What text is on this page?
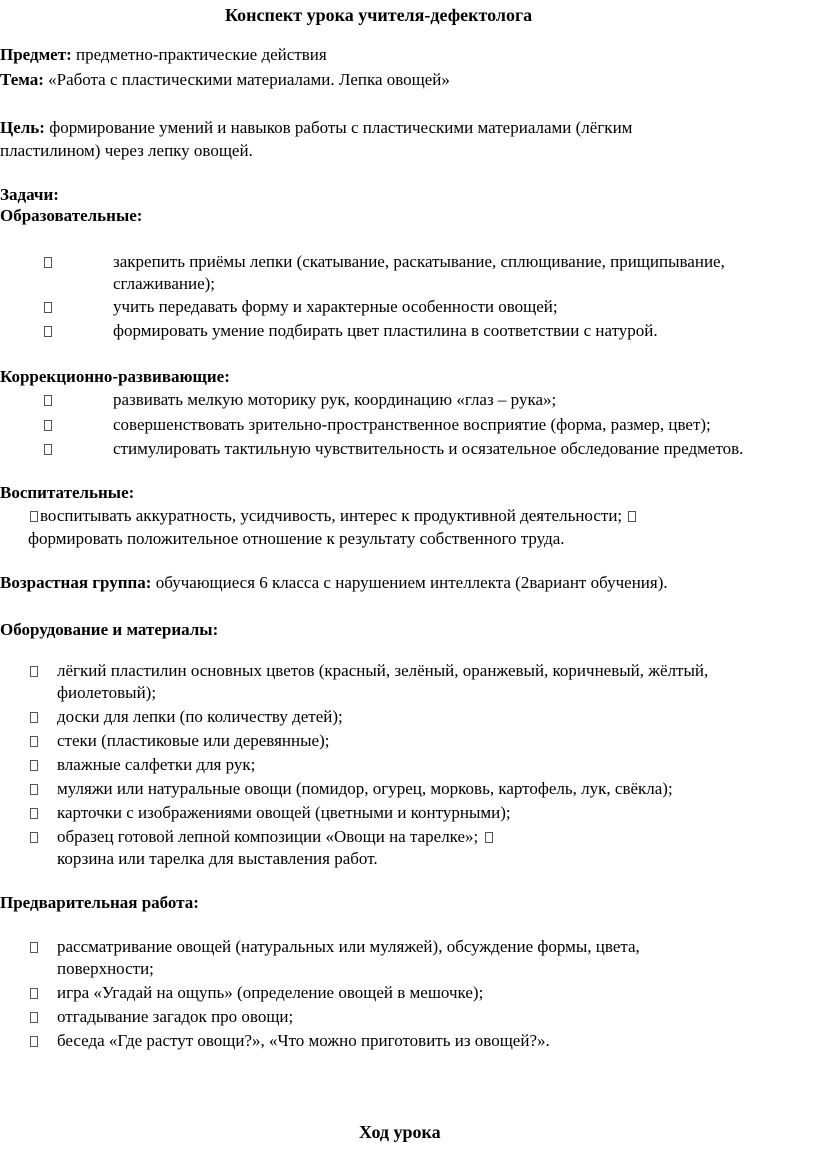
Конспект урока учителя-дефектолога
Предмет: предметно-практические действия
Тема: «Работа с пластическими материалами. Лепка овощей»
Цель: формирование умений и навыков работы с пластическими материалами (лёгким
пластилином) через лепку овощей.
Задачи:
Образовательные:
закрепить приёмы лепки (скатывание, раскатывание, сплющивание, прищипывание,
сглаживание);
учить передавать форму и характерные особенности овощей;
формировать умение подбирать цвет пластилина в соответствии с натурой.
Коррекционно-развивающие:
развивать мелкую моторику рук, координацию «глаз – рука»;
совершенствовать зрительно-пространственное восприятие (форма, размер, цвет);
стимулировать тактильную чувствительность и осязательное обследование предметов.
Воспитательные:
воспитывать аккуратность, усидчивость, интерес к продуктивной деятельности;
формировать положительное отношение к результату собственного труда.
Возрастная группа: обучающиеся 6 класса с нарушением интеллекта (2вариант обучения).
Оборудование и материалы:
лёгкий пластилин основных цветов (красный, зелёный, оранжевый, коричневый, жёлтый,
фиолетовый);
доски для лепки (по количеству детей);
стеки (пластиковые или деревянные);
влажные салфетки для рук;
муляжи или натуральные овощи (помидор, огурец, морковь, картофель, лук, свёкла);
карточки с изображениями овощей (цветными и контурными);
образец готовой лепной композиции «Овощи на тарелке»;
корзина или тарелка для выставления работ.
Предварительная работа:
рассматривание овощей (натуральных или муляжей), обсуждение формы, цвета,
поверхности;
игра «Угадай на ощупь» (определение овощей в мешочке);
отгадывание загадок про овощи;
беседа «Где растут овощи?», «Что можно приготовить из овощей?».
Ход урока
